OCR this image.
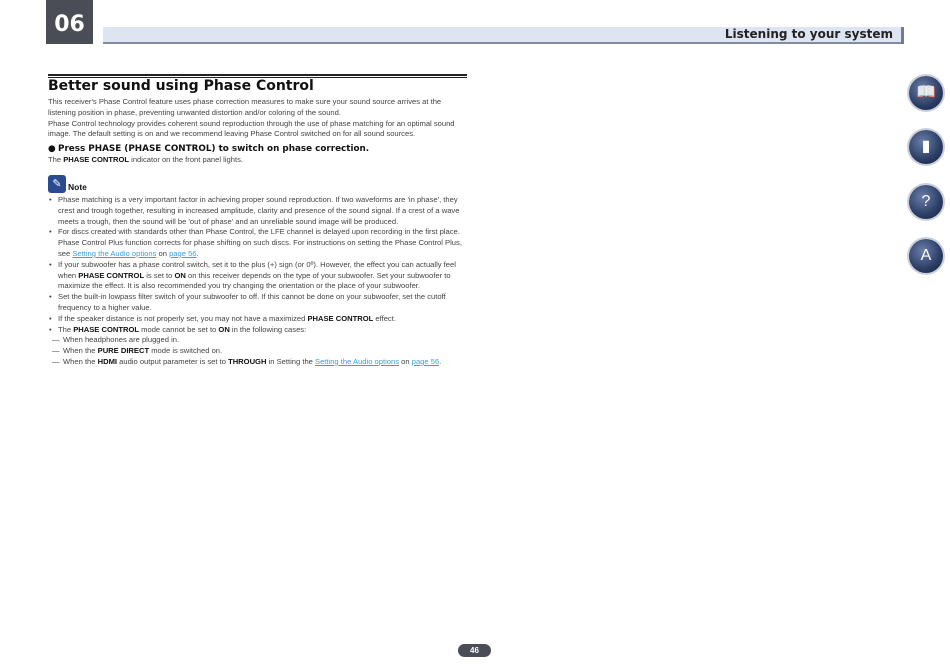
06	Listening to your system
Better sound using Phase Control

This receiver's Phase Control feature uses phase correction measures to make sure your sound source arrives at the listening position in phase, preventing unwanted distortion and/or coloring of the sound.

Phase Control technology provides coherent sound reproduction through the use of phase matching for an optimal sound image. The default setting is on and we recommend leaving Phase Control switched on for all sound sources.

● Press PHASE (PHASE CONTROL) to switch on phase correction.

The PHASE CONTROL indicator on the front panel lights.

✎ Note
• Phase matching is a very important factor in achieving proper sound reproduction. If two waveforms are 'in phase', they crest and trough together, resulting in increased amplitude, clarity and presence of the sound signal. If a crest of a wave meets a trough, then the sound will be 'out of phase' and an unreliable sound image will be produced.
• For discs created with standards other than Phase Control, the LFE channel is delayed upon recording in the first place. Phase Control Plus function corrects for phase shifting on such discs. For instructions on setting the Phase Control Plus, see Setting the Audio options on page 56.
• If your subwoofer has a phase control switch, set it to the plus (+) sign (or 0º). However, the effect you can actually feel when PHASE CONTROL is set to ON on this receiver depends on the type of your subwoofer. Set your subwoofer to maximize the effect. It is also recommended you try changing the orientation or the place of your subwoofer.
• Set the built-in lowpass filter switch of your subwoofer to off. If this cannot be done on your subwoofer, set the cutoff frequency to a higher value.
• If the speaker distance is not properly set, you may not have a maximized PHASE CONTROL effect.
• The PHASE CONTROL mode cannot be set to ON in the following cases:
— When headphones are plugged in.
— When the PURE DIRECT mode is switched on.
— When the HDMI audio output parameter is set to THROUGH in Setting the Setting the Audio options on page 56.
📖
▮
?
A
46
